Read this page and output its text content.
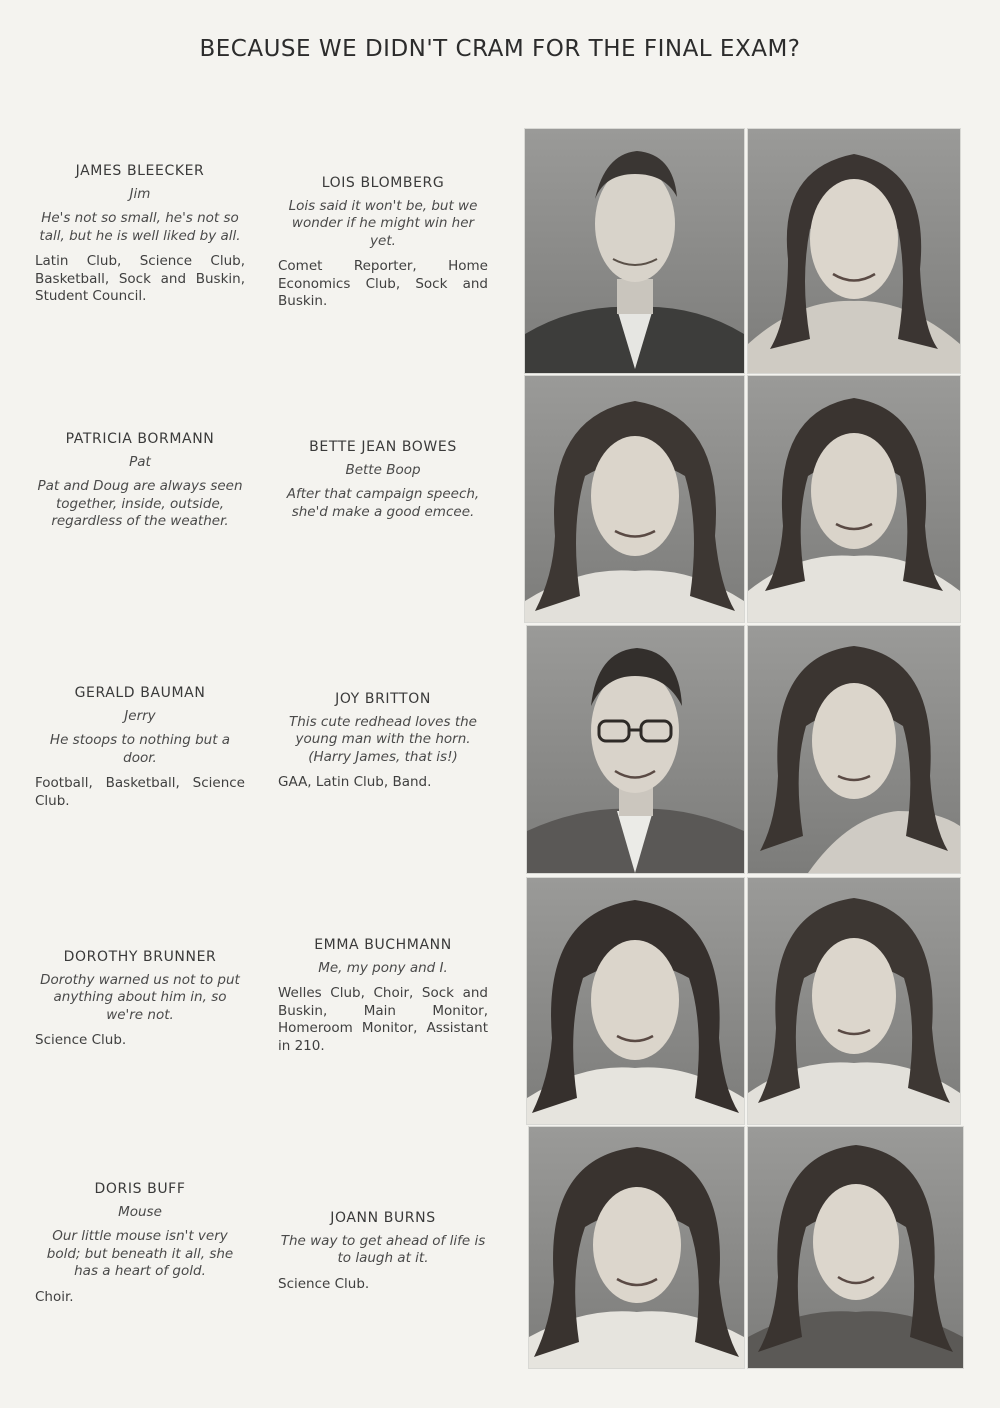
BECAUSE WE DIDN'T CRAM FOR THE FINAL EXAM?
JAMES BLEECKER
Jim
He's not so small, he's not so tall, but he is well liked by all.
Latin Club, Science Club, Basketball, Sock and Buskin, Student Council.
LOIS BLOMBERG
Lois said it won't be, but we wonder if he might win her yet.
Comet Reporter, Home Economics Club, Sock and Buskin.
PATRICIA BORMANN
Pat
Pat and Doug are always seen together, inside, outside, regardless of the weather.
BETTE JEAN BOWES
Bette Boop
After that campaign speech, she'd make a good emcee.
GERALD BAUMAN
Jerry
He stoops to nothing but a door.
Football, Basketball, Science Club.
JOY BRITTON
This cute redhead loves the young man with the horn. (Harry James, that is!)
GAA, Latin Club, Band.
DOROTHY BRUNNER
Dorothy warned us not to put anything about him in, so we're not.
Science Club.
EMMA BUCHMANN
Me, my pony and I.
Welles Club, Choir, Sock and Buskin, Main Monitor, Homeroom Monitor, Assistant in 210.
DORIS BUFF
Mouse
Our little mouse isn't very bold; but beneath it all, she has a heart of gold.
Choir.
JOANN BURNS
The way to get ahead of life is to laugh at it.
Science Club.
